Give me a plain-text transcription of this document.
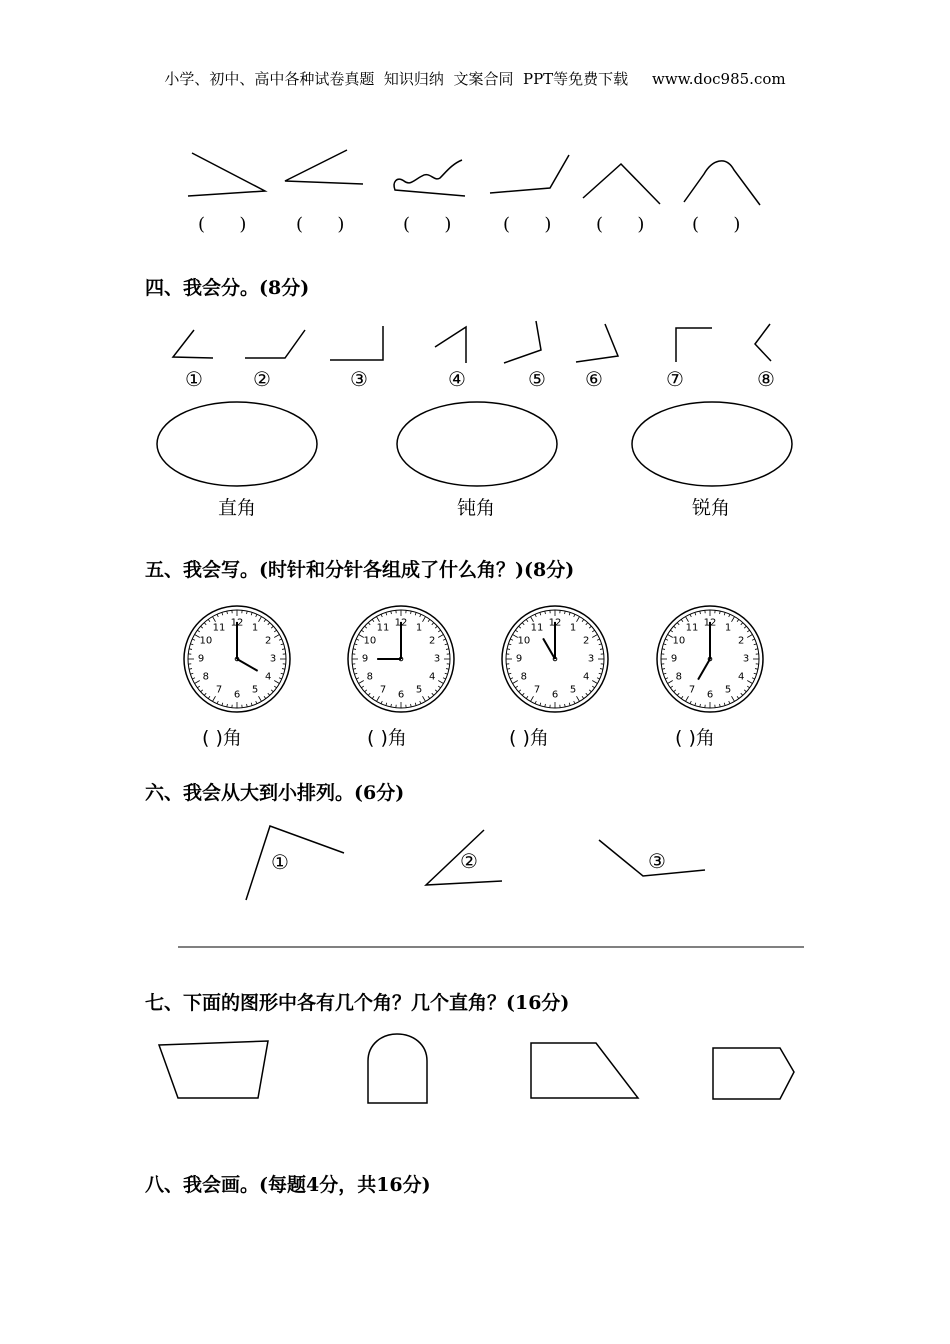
小学、初中、高中各种试卷真题  知识归纳  文案合同  PPT等免费下载     www.doc985.com
12 1
2
3
4
5
6
7
8
9
10
11	12 1
2
3
4
5
6
7
8
9
10
11	12 1
2
3
4
5
6
7
8
9
10
11	12 1
2
3
4
5
6
7
8
9
10
11
(      )	(      )	(      )	(      ) (      )	(      )
四、我会分。(8分)
①	②	③	④	⑤ ⑥	⑦	⑧
直角	钝角	锐角
五、我会写。(时针和分针各组成了什么角？)(8分)
( )角	( )角	( )角	( )角
六、我会从大到小排列。(6分)
①	②	③
七、下面的图形中各有几个角？几个直角？(16分)
八、我会画。(每题4分，共16分)
